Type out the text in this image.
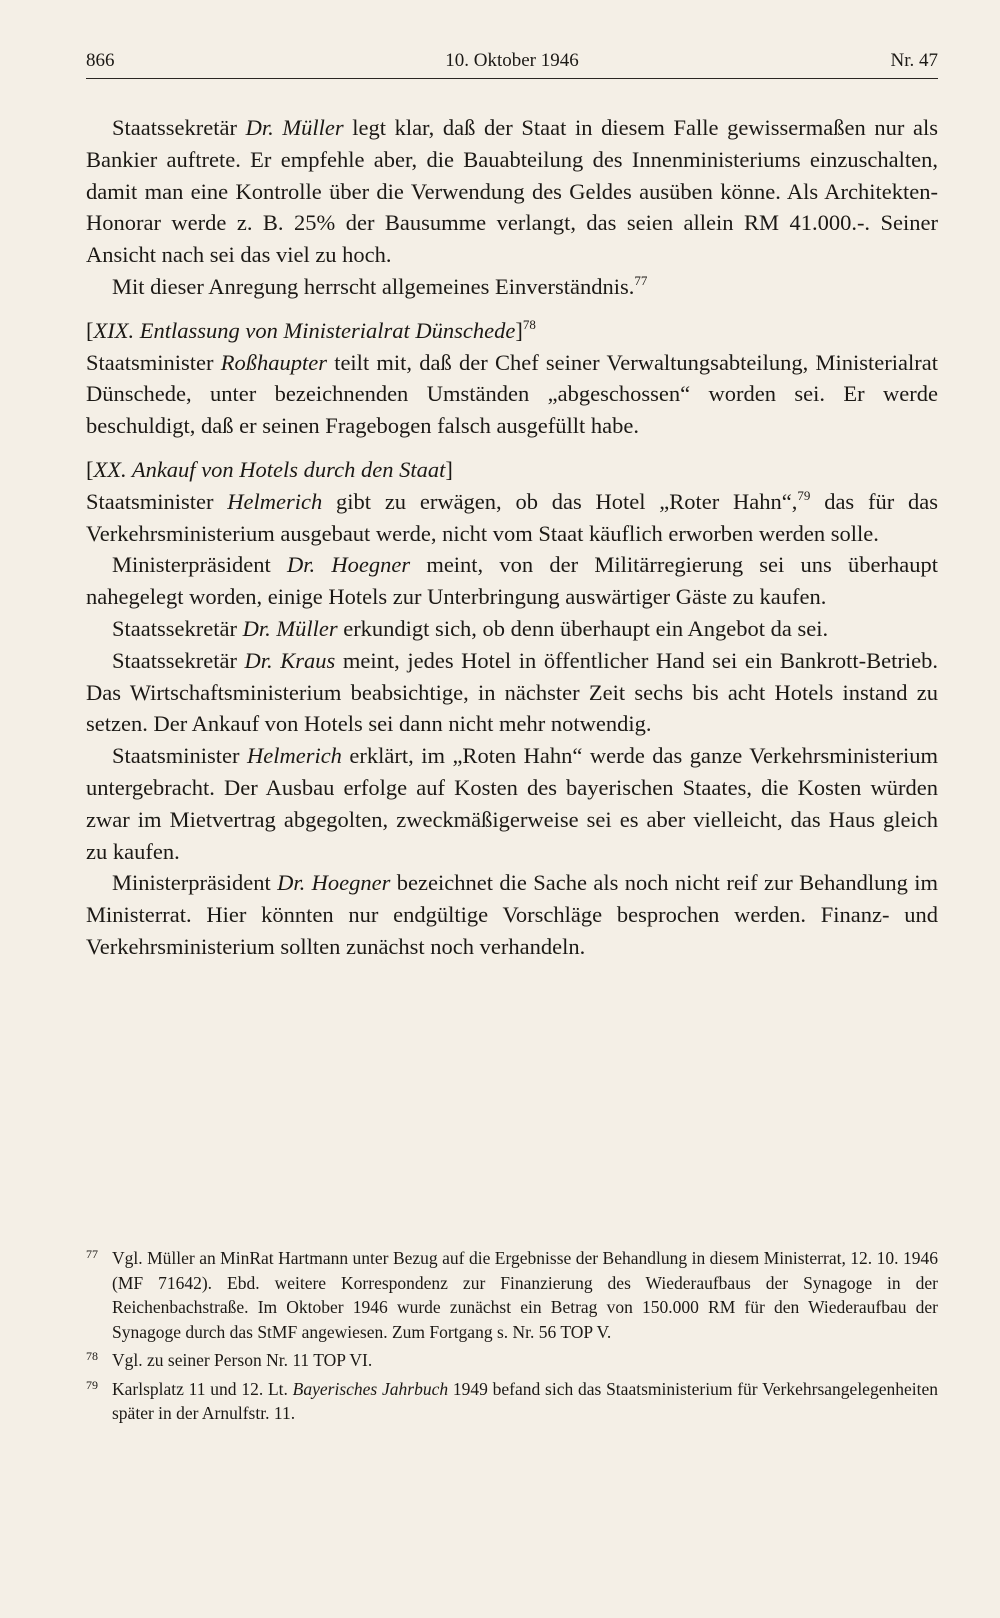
866	10. Oktober 1946	Nr. 47

Staatssekretär Dr. Müller legt klar, daß der Staat in diesem Falle gewissermaßen nur als Bankier auftrete. Er empfehle aber, die Bauabteilung des Innenministeriums einzuschalten, damit man eine Kontrolle über die Verwendung des Geldes ausüben könne. Als Architekten-Honorar werde z. B. 25% der Bausumme verlangt, das seien allein RM 41.000.-. Seiner Ansicht nach sei das viel zu hoch.

Mit dieser Anregung herrscht allgemeines Einverständnis.$^{77}$

[XIX. Entlassung von Ministerialrat Dünschede]$^{78}$

Staatsminister Roßhaupter teilt mit, daß der Chef seiner Verwaltungsabteilung, Ministerialrat Dünschede, unter bezeichnenden Umständen „abgeschossen“ worden sei. Er werde beschuldigt, daß er seinen Fragebogen falsch ausgefüllt habe.

[XX. Ankauf von Hotels durch den Staat]

Staatsminister Helmerich gibt zu erwägen, ob das Hotel „Roter Hahn“,$^{79}$ das für das Verkehrsministerium ausgebaut werde, nicht vom Staat käuflich erworben werden solle.

Ministerpräsident Dr. Hoegner meint, von der Militärregierung sei uns überhaupt nahegelegt worden, einige Hotels zur Unterbringung auswärtiger Gäste zu kaufen.

Staatssekretär Dr. Müller erkundigt sich, ob denn überhaupt ein Angebot da sei.

Staatssekretär Dr. Kraus meint, jedes Hotel in öffentlicher Hand sei ein Bankrott-Betrieb. Das Wirtschaftsministerium beabsichtige, in nächster Zeit sechs bis acht Hotels instand zu setzen. Der Ankauf von Hotels sei dann nicht mehr notwendig.

Staatsminister Helmerich erklärt, im „Roten Hahn“ werde das ganze Verkehrsministerium untergebracht. Der Ausbau erfolge auf Kosten des bayerischen Staates, die Kosten würden zwar im Mietvertrag abgegolten, zweckmäßigerweise sei es aber vielleicht, das Haus gleich zu kaufen.

Ministerpräsident Dr. Hoegner bezeichnet die Sache als noch nicht reif zur Behandlung im Ministerrat. Hier könnten nur endgültige Vorschläge besprochen werden. Finanz- und Verkehrsministerium sollten zunächst noch verhandeln.

77 Vgl. Müller an MinRat Hartmann unter Bezug auf die Ergebnisse der Behandlung in diesem Ministerrat, 12. 10. 1946 (MF 71642). Ebd. weitere Korrespondenz zur Finanzierung des Wiederaufbaus der Synagoge in der Reichenbachstraße. Im Oktober 1946 wurde zunächst ein Betrag von 150.000 RM für den Wiederaufbau der Synagoge durch das StMF angewiesen. Zum Fortgang s. Nr. 56 TOP V.
78 Vgl. zu seiner Person Nr. 11 TOP VI.
79 Karlsplatz 11 und 12. Lt. Bayerisches Jahrbuch 1949 befand sich das Staatsministerium für Verkehrsangelegenheiten später in der Arnulfstr. 11.
